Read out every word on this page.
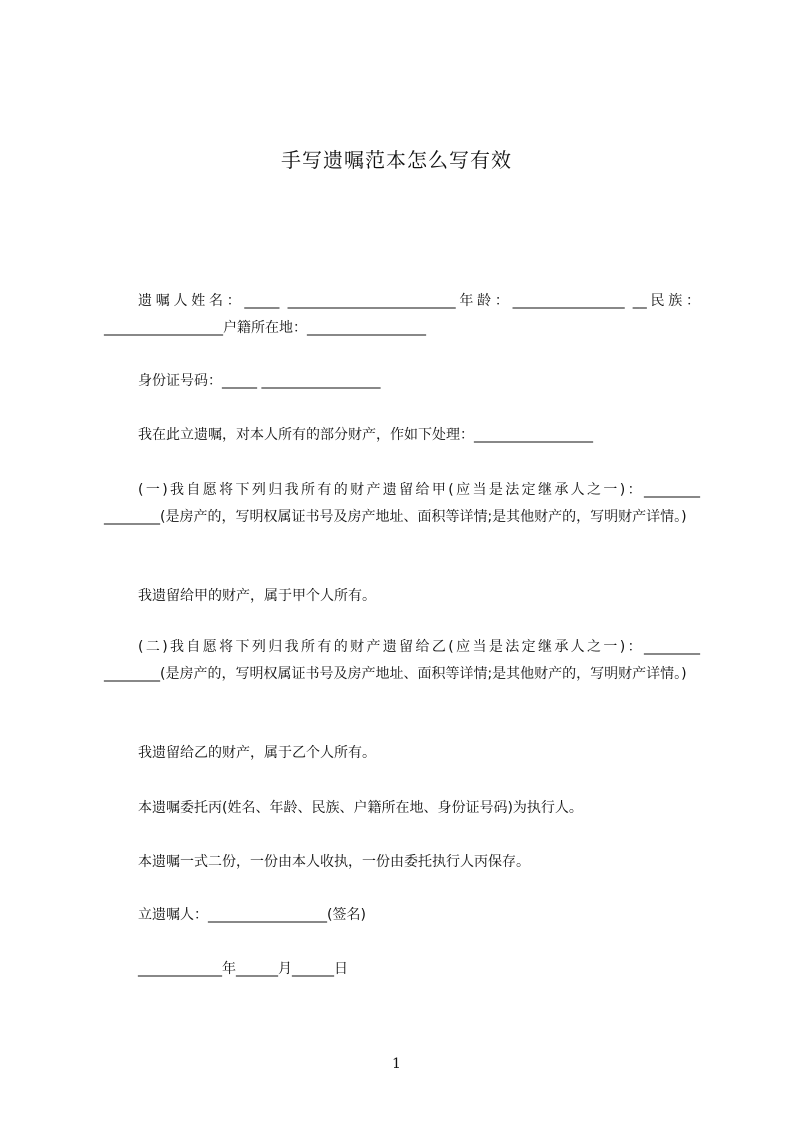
手写遗嘱范本怎么写有效
遗嘱人姓名：_____ ________________________年龄：________________ __民族：_________________户籍所在地：_________________
身份证号码：_____ _________________
我在此立遗嘱，对本人所有的部分财产，作如下处理：_________________
(一)我自愿将下列归我所有的财产遗留给甲(应当是法定继承人之一)：________ ________(是房产的，写明权属证书号及房产地址、面积等详情;是其他财产的，写明财产详情。)
我遗留给甲的财产，属于甲个人所有。
(二)我自愿将下列归我所有的财产遗留给乙(应当是法定继承人之一)：________ ________(是房产的，写明权属证书号及房产地址、面积等详情;是其他财产的，写明财产详情。)
我遗留给乙的财产，属于乙个人所有。
本遗嘱委托丙(姓名、年龄、民族、户籍所在地、身份证号码)为执行人。
本遗嘱一式二份，一份由本人收执，一份由委托执行人丙保存。
立遗嘱人：_________________(签名)
____________年______月______日
1
